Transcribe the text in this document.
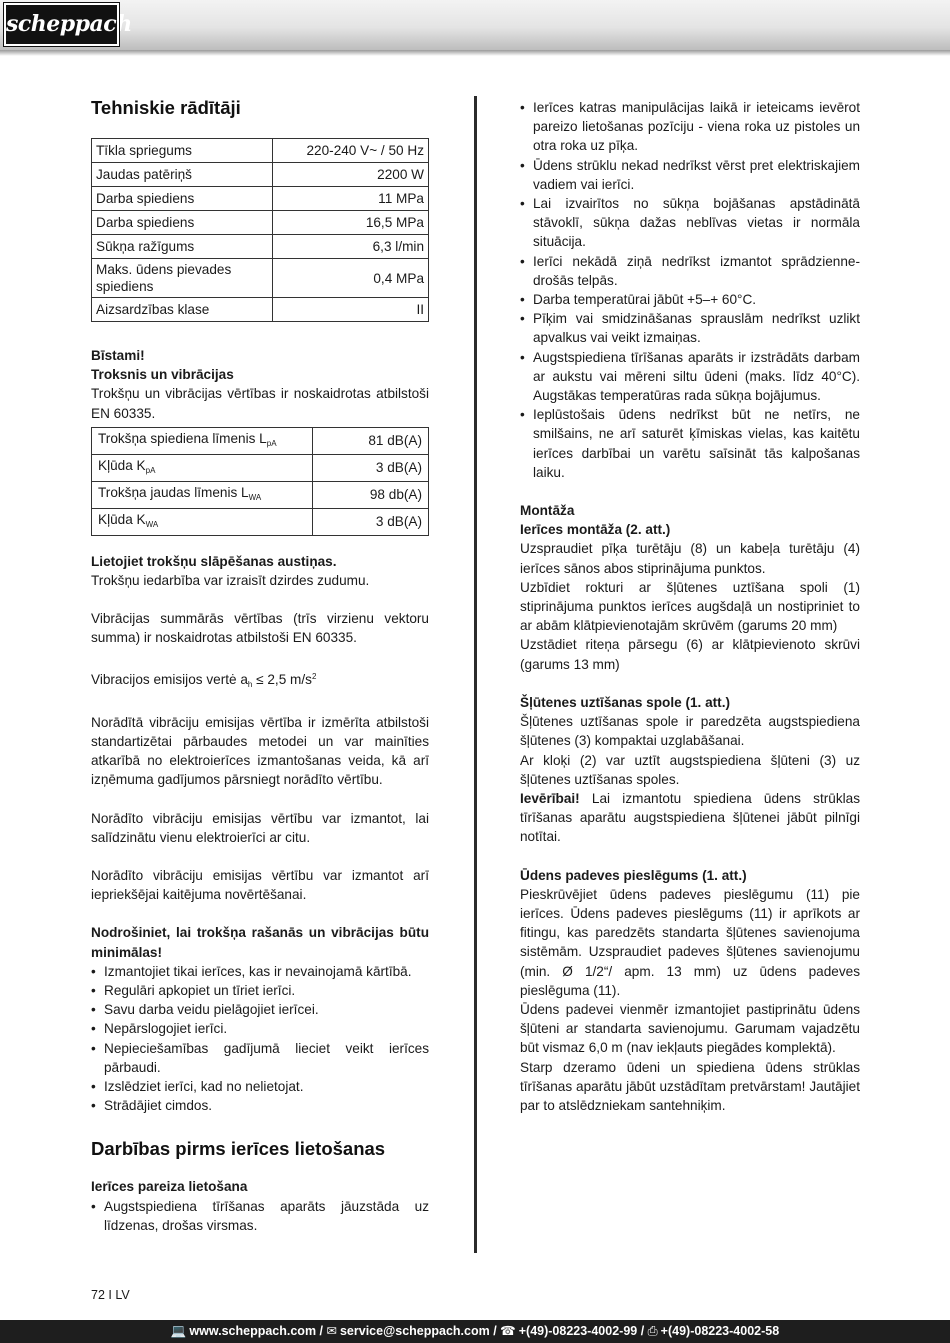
scheppach
Tehniskie rādītāji
Tīkla spriegums	220-240 V~ / 50 Hz
Jaudas patēriņš	2200 W
Darba spiediens	11 MPa
Darba spiediens	16,5 MPa
Sūkņa ražīgums	6,3 l/min
Maks. ūdens pievades spiediens	0,4 MPa
Aizsardzības klase	II
Bīstami!
Troksnis un vibrācijas

Trokšņu un vibrācijas vērtības ir noskaidrotas atbilstoši EN 60335.

Trokšņa spiediena līmenis $L_{pA}$	81 dB(A)
Kļūda $K_{pA}$	3 dB(A)
Trokšņa jaudas līmenis $L_{WA}$	98 db(A)
Kļūda $K_{WA}$	3 dB(A)
Lietojiet trokšņu slāpēšanas austiņas.

Trokšņu iedarbība var izraisīt dzirdes zudumu.

Vibrācijas summārās vērtības (trīs virzienu vektoru summa) ir noskaidrotas atbilstoši EN 60335.

Vibracijos emisijos vertė $a_h \le 2,5$ $m/s^2$

Norādītā vibrāciju emisijas vērtība ir izmērīta atbilstoši standartizētai pārbaudes metodei un var mainīties atkarībā no elektroierīces izmantošanas veida, kā arī izņēmuma gadījumos pārsniegt norādīto vērtību.

Norādīto vibrāciju emisijas vērtību var izmantot, lai salīdzinātu vienu elektroierīci ar citu.

Norādīto vibrāciju emisijas vērtību var izmantot arī iepriekšējai kaitējuma novērtēšanai.

Nodrošiniet, lai trokšņa rašanās un vibrācijas būtu minimālas!

• Izmantojiet tikai ierīces, kas ir nevainojamā kārtībā.
• Regulāri apkopiet un tīriet ierīci.
• Savu darba veidu pielāgojiet ierīcei.
• Nepārslogojiet ierīci.
• Nepieciešamības gadījumā lieciet veikt ierīces pārbaudi.
• Izslēdziet ierīci, kad no nelietojat.
• Strādājiet cimdos.
Darbības pirms ierīces lietošanas
Ierīces pareiza lietošana
• Augstspiediena tīrīšanas aparāts jāuzstāda uz līdzenas, drošas virsmas.
• Ierīces katras manipulācijas laikā ir ieteicams ievērot pareizo lietošanas pozīciju - viena roka uz pistoles un otra roka uz pīķa.
• Ūdens strūklu nekad nedrīkst vērst pret elektriskajiem vadiem vai ierīci.
• Lai izvairītos no sūkņa bojāšanas apstādinātā stāvoklī, sūkņa dažas neblīvas vietas ir normāla situācija.
• Ierīci nekādā ziņā nedrīkst izmantot sprādzienne-drošās telpās.
• Darba temperatūrai jābūt +5–+ 60°C.
• Pīķim vai smidzināšanas sprauslām nedrīkst uzlikt apvalkus vai veikt izmaiņas.
• Augstspiediena tīrīšanas aparāts ir izstrādāts darbam ar aukstu vai mēreni siltu ūdeni (maks. līdz 40°C). Augstākas temperatūras rada sūkņa bojājumus.
• Ieplūstošais ūdens nedrīkst būt ne netīrs, ne smilšains, ne arī saturēt ķīmiskas vielas, kas kaitētu ierīces darbībai un varētu saīsināt tās kalpošanas laiku.
Montāža
Ierīces montāža (2. att.)

Uzspraudiet pīķa turētāju (8) un kabeļa turētāju (4) ierīces sānos abos stiprinājuma punktos.

Uzbīdiet rokturi ar šļūtenes uztīšana spoli (1) stiprinājuma punktos ierīces augšdaļā un nostipriniet to ar abām klātpievienotajām skrūvēm (garums 20 mm)

Uzstādiet riteņa pārsegu (6) ar klātpievienoto skrūvi (garums 13 mm)

Šļūtenes uztīšanas spole (1. att.)

Šļūtenes uztīšanas spole ir paredzēta augstspiediena šļūtenes (3) kompaktai uzglabāšanai.

Ar kloķi (2) var uztīt augstspiediena šļūteni (3) uz šļūtenes uztīšanas spoles.

Ievērībai! Lai izmantotu spiediena ūdens strūklas tīrīšanas aparātu augstspiediena šļūtenei jābūt pilnīgi notītai.

Ūdens padeves pieslēgums (1. att.)

Pieskrūvējiet ūdens padeves pieslēgumu (11) pie ierīces. Ūdens padeves pieslēgums (11) ir aprīkots ar fitingu, kas paredzēts standarta šļūtenes savienojuma sistēmām. Uzspraudiet padeves šļūtenes savienojumu (min. Ø 1/2“/ apm. 13 mm) uz ūdens padeves pieslēguma (11).

Ūdens padevei vienmēr izmantojiet pastiprinātu ūdens šļūteni ar standarta savienojumu. Garumam vajadzētu būt vismaz 6,0 m (nav iekļauts piegādes komplektā).

Starp dzeramo ūdeni un spiediena ūdens strūklas tīrīšanas aparātu jābūt uzstādītam pretvārstam! Jautājiet par to atslēdzniekam santehniķim.

72 I LV
💻 www.scheppach.com / ✉ service@scheppach.com / ☎ +(49)-08223-4002-99 / ⎙ +(49)-08223-4002-58
